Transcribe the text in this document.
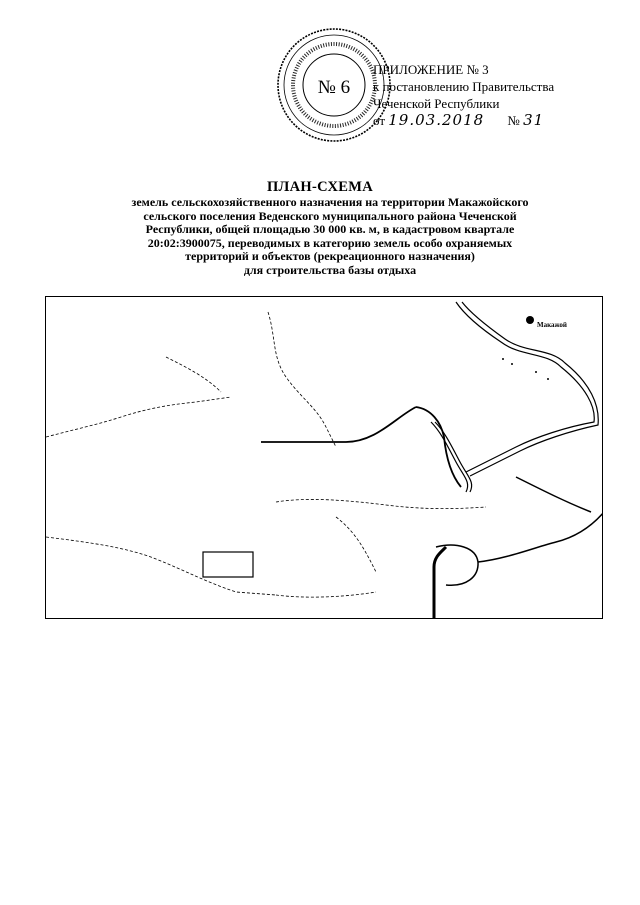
№ 6
ПРИЛОЖЕНИЕ № 3
к постановлению Правительства
Чеченской Республики
от 19.03.2018 № 31
ПЛАН-СХЕМА
земель сельскохозяйственного назначения на территории Макажойского
сельского поселения Веденского муниципального района Чеченской
Республики, общей площадью 30 000 кв. м, в кадастровом квартале
20:02:3900075, переводимых в категорию земель особо охраняемых
территорий и объектов (рекреационного назначения)
для строительства базы отдыха
Макажой
